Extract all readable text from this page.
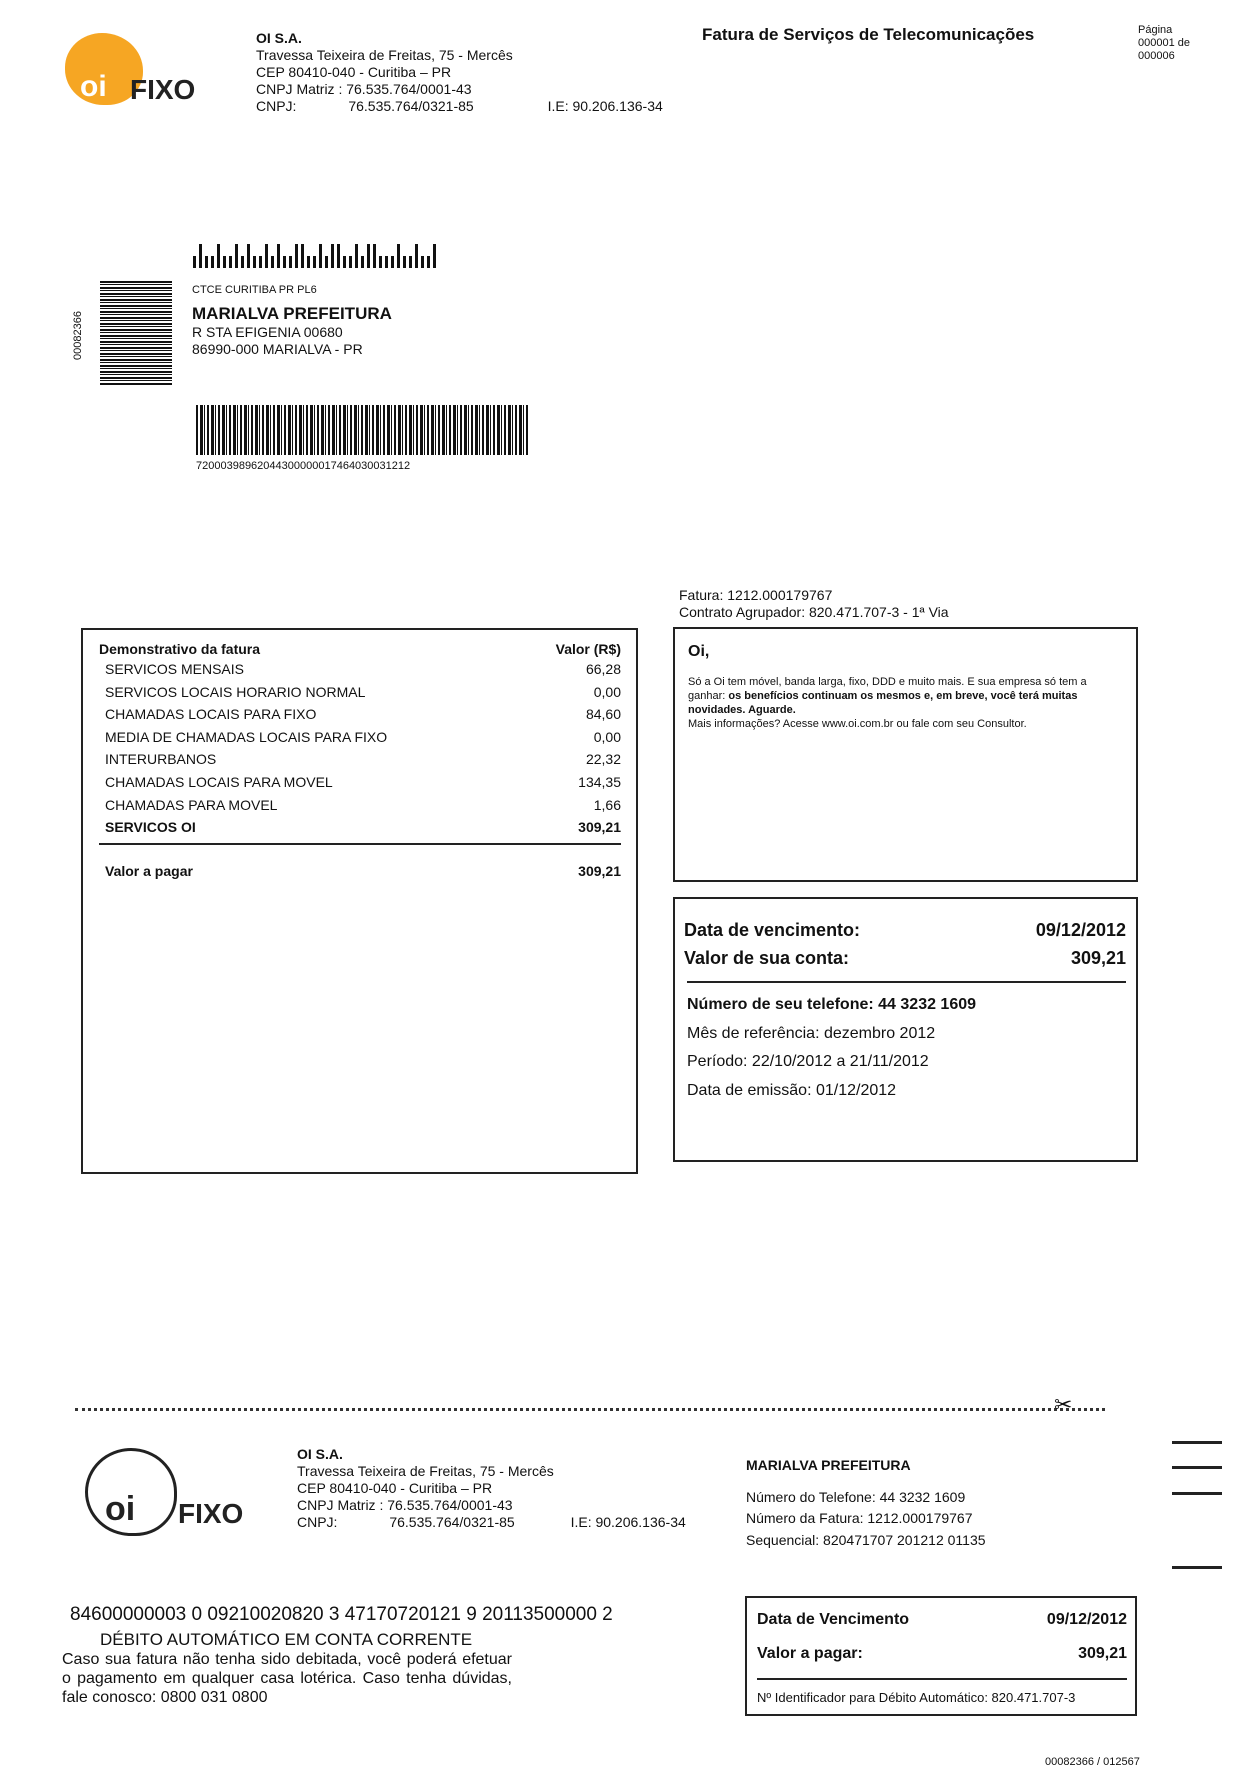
oi FIXO
OI S.A.
Travessa Teixeira de Freitas, 75 - Mercês
CEP 80410-040 - Curitiba – PR
CNPJ Matriz : 76.535.764/0001-43
CNPJ:	76.535.764/0321-85	I.E: 90.206.136-34
Fatura de Serviços de Telecomunicações	Página
000001 de
000006
00082366
CTCE CURITIBA PR PL6
MARIALVA PREFEITURA
R STA EFIGENIA 00680
86990-000 MARIALVA - PR
72000398962044300000017464030031212
Fatura: 1212.000179767
Contrato Agrupador: 820.471.707-3 - 1ª Via
Demonstrativo da fatura	Valor (R$)
SERVICOS MENSAIS	66,28
SERVICOS LOCAIS HORARIO NORMAL	0,00
CHAMADAS LOCAIS PARA FIXO	84,60
MEDIA DE CHAMADAS LOCAIS PARA FIXO	0,00
INTERURBANOS	22,32
CHAMADAS LOCAIS PARA MOVEL	134,35
CHAMADAS PARA MOVEL	1,66
SERVICOS OI	309,21
Valor a pagar	309,21
Oi,
Só a Oi tem móvel, banda larga, fixo, DDD e muito mais. E sua empresa só tem a ganhar: os benefícios continuam os mesmos e, em breve, você terá muitas novidades. Aguarde.
Mais informações? Acesse www.oi.com.br ou fale com seu Consultor.
Data de vencimento:	09/12/2012
Valor de sua conta:	309,21
Número de seu telefone: 44 3232 1609
Mês de referência: dezembro 2012
Período: 22/10/2012 a 21/11/2012
Data de emissão: 01/12/2012
✂
oi FIXO
OI S.A.
Travessa Teixeira de Freitas, 75 - Mercês
CEP 80410-040 - Curitiba – PR
CNPJ Matriz : 76.535.764/0001-43
CNPJ:	76.535.764/0321-85	I.E: 90.206.136-34
MARIALVA PREFEITURA
Número do Telefone: 44 3232 1609
Número da Fatura: 1212.000179767
Sequencial: 820471707 201212 01135
84600000003 0 09210020820 3 47170720121 9 20113500000 2
DÉBITO AUTOMÁTICO EM CONTA CORRENTE
Caso sua fatura não tenha sido debitada, você poderá efetuar o pagamento em qualquer casa lotérica. Caso tenha dúvidas, fale conosco: 0800 031 0800
Data de Vencimento	09/12/2012
Valor a pagar:	309,21
Nº Identificador para Débito Automático: 820.471.707-3
00082366 / 012567
